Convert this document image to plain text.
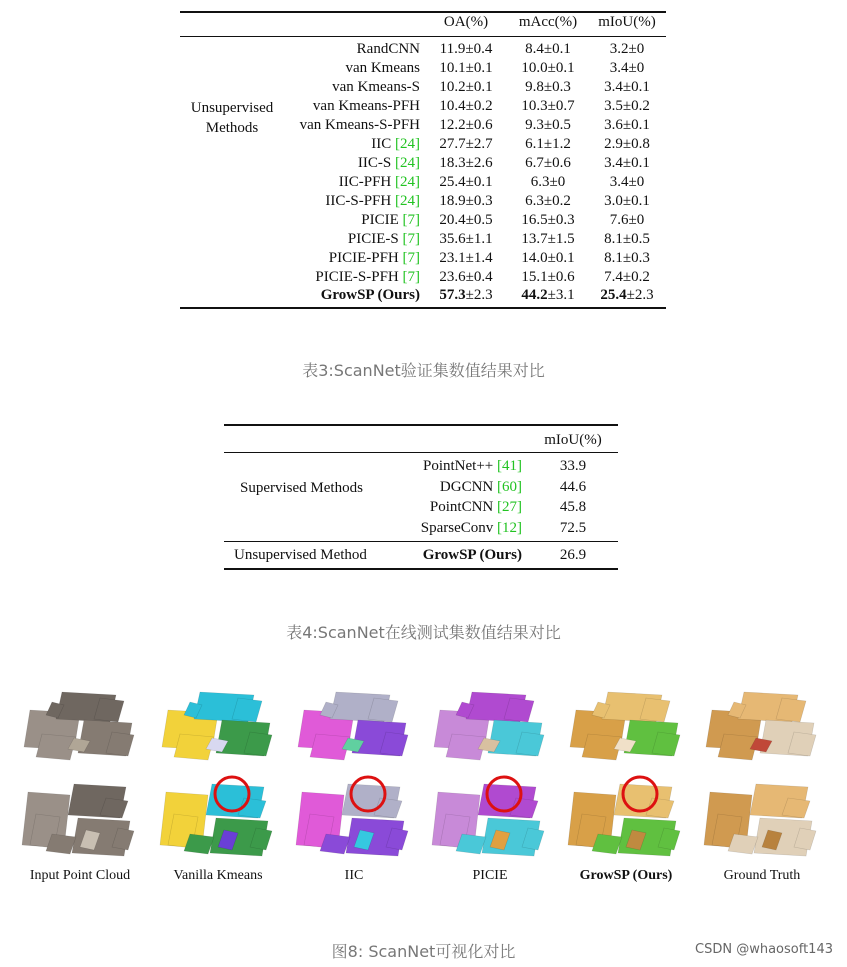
OA(%)	mAcc(%)	mIoU(%)
Unsupervised
Methods
RandCNN	11.9±0.4	8.4±0.1	3.2±0
van Kmeans	10.1±0.1	10.0±0.1	3.4±0
van Kmeans-S	10.2±0.1	9.8±0.3	3.4±0.1
van Kmeans-PFH	10.4±0.2	10.3±0.7	3.5±0.2
van Kmeans-S-PFH	12.2±0.6	9.3±0.5	3.6±0.1
IIC [24]	27.7±2.7	6.1±1.2	2.9±0.8
IIC-S [24]	18.3±2.6	6.7±0.6	3.4±0.1
IIC-PFH [24]	25.4±0.1	6.3±0	3.4±0
IIC-S-PFH [24]	18.9±0.3	6.3±0.2	3.0±0.1
PICIE [7]	20.4±0.5	16.5±0.3	7.6±0
PICIE-S [7]	35.6±1.1	13.7±1.5	8.1±0.5
PICIE-PFH [7]	23.1±1.4	14.0±0.1	8.1±0.3
PICIE-S-PFH [7]	23.6±0.4	15.1±0.6	7.4±0.2
GrowSP (Ours)	57.3±2.3	44.2±3.1	25.4±2.3
表3:ScanNet验证集数值结果对比
mIoU(%)
Supervised Methods
PointNet++ [41]	33.9
DGCNN [60]	44.6
PointCNN [27]	45.8
SparseConv [12]	72.5
Unsupervised Method	GrowSP (Ours)	26.9
表4:ScanNet在线测试集数值结果对比
Input Point Cloud	Vanilla Kmeans	IIC	PICIE	GrowSP (Ours)	Ground Truth
图8: ScanNet可视化对比	CSDN @whaosoft143
